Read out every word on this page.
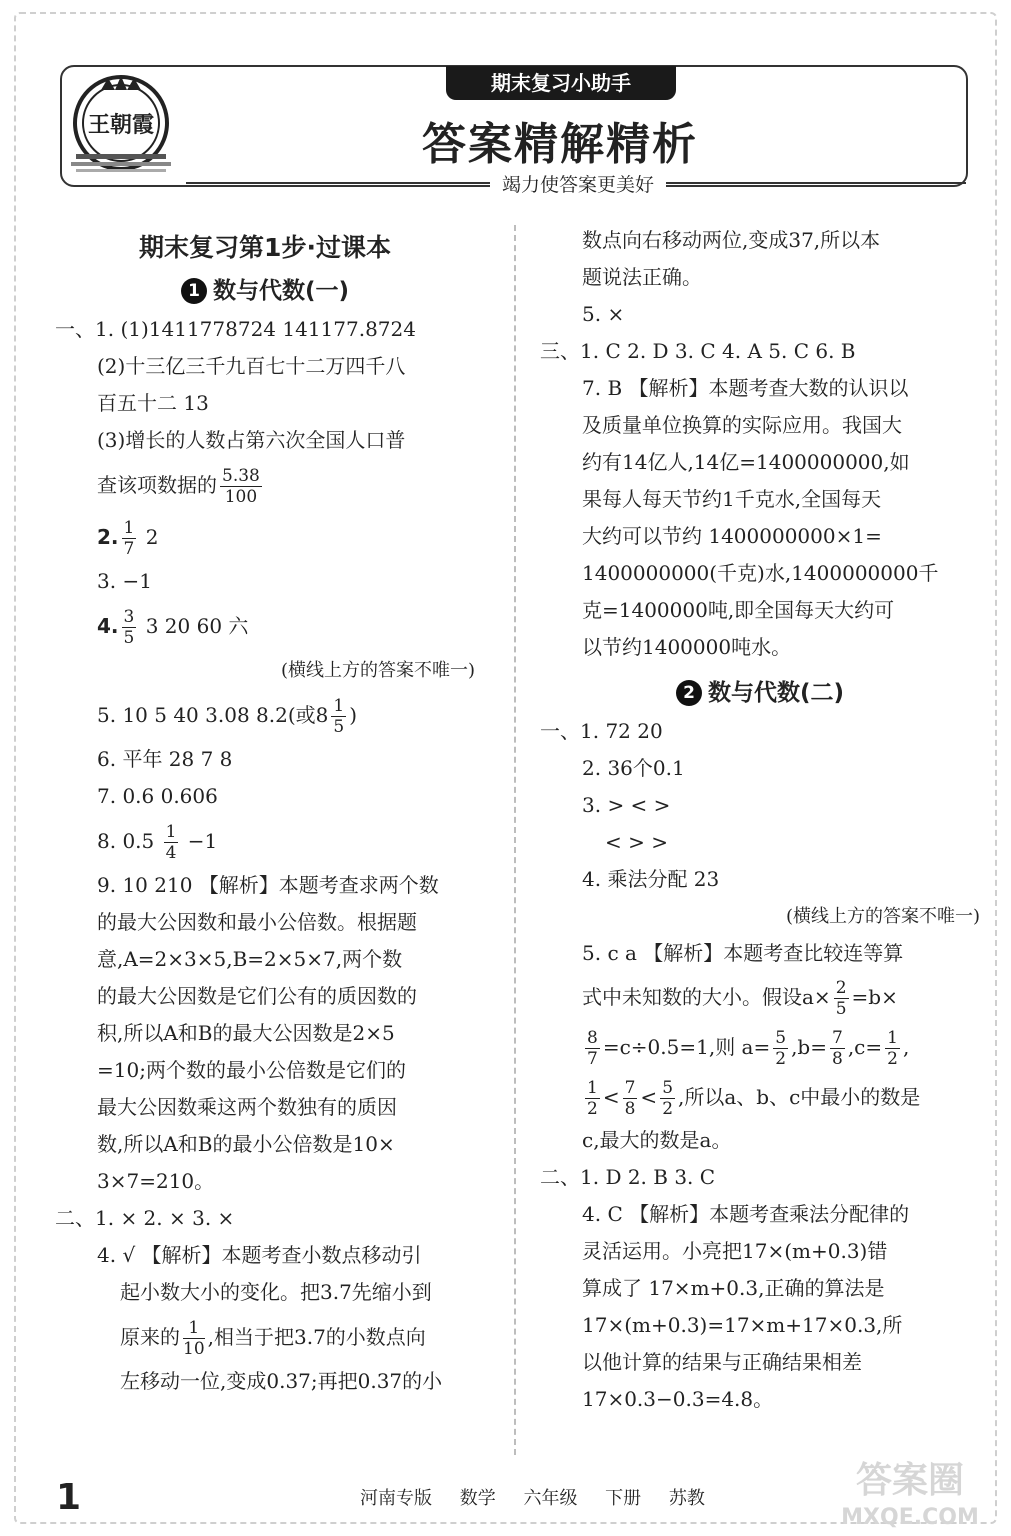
王朝霞
期末复习小助手
答案精解精析
竭力使答案更美好
期末复习第1步·过课本
1 数与代数(一)
一、1. (1)1411778724 141177.8724
(2)十三亿三千九百七十二万四千八
百五十二 13
(3)增长的人数占第六次全国人口普
查该项数据的 $\frac{5.38}{100}$
2. $\frac{1}{7} 2$
3. −1
4. $\frac{3}{5} 3$ 20 60 六
(横线上方的答案不唯一)
5. 10 5 40 3.08 8.2(或$8 \frac{1}{5}$ )
6. 平年 28 7 8
7. 0.6 0.606
8. $0.5 \frac{1}{4} -1$
9. 10 210 【解析】本题考查求两个数
的最大公因数和最小公倍数。根据题
意,A=2×3×5,B=2×5×7,两个数
的最大公因数是它们公有的质因数的
积,所以A和B的最大公因数是2×5
=10;两个数的最小公倍数是它们的
最大公因数乘这两个数独有的质因
数,所以A和B的最小公倍数是10×
3×7=210。
二、1. × 2. × 3. ×
4. √ 【解析】本题考查小数点移动引
起小数大小的变化。把3.7先缩小到
原来的 $\frac{1}{10}$ ,相当于把3.7的小数点向
左移动一位,变成0.37;再把0.37的小
数点向右移动两位,变成37,所以本
题说法正确。
5. ×
三、1. C 2. D 3. C 4. A 5. C 6. B
7. B 【解析】本题考查大数的认识以
及质量单位换算的实际应用。我国大
约有14亿人,14亿=1400000000,如
果每人每天节约1千克水,全国每天
大约可以节约 1400000000×1=
1400000000(千克)水,1400000000千
克=1400000吨,即全国每天大约可
以节约1400000吨水。
2 数与代数(二)
一、1. 72 20
2. 36个0.1
3. > < >
< > >
4. 乘法分配 23
(横线上方的答案不唯一)
5. c a 【解析】本题考查比较连等算
式中未知数的大小。假设$a\times \frac{2}{5} =b\times$
$\frac{8}{7} =c\div 0.5=1$,则 $a= \frac{5}{2} ,b= \frac{7}{8} ,c= \frac{1}{2}$ ,
$\frac{1}{2} < \frac{7}{8} < \frac{5}{2}$ ,所以a、b、c中最小的数是
c,最大的数是a。
二、1. D 2. B 3. C
4. C 【解析】本题考查乘法分配律的
灵活运用。小亮把17×(m+0.3)错
算成了 17×m+0.3,正确的算法是
17×(m+0.3)=17×m+17×0.3,所
以他计算的结果与正确结果相差
17×0.3−0.3=4.8。
1	河南专版 数学 六年级 下册 苏教	答案圈
MXQE.COM
